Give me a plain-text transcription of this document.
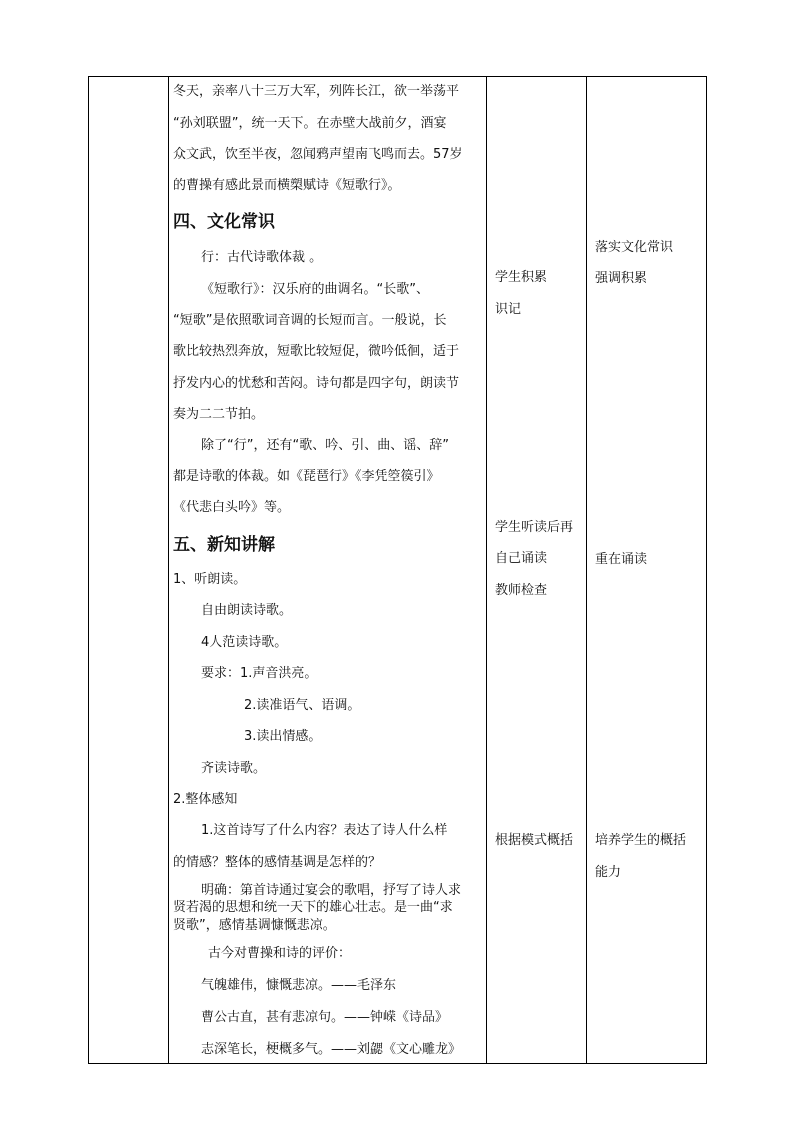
冬天，亲率八十三万大军，列阵长江，欲一举荡平
“孙刘联盟”，统一天下。在赤壁大战前夕，酒宴
众文武，饮至半夜，忽闻鸦声望南飞鸣而去。57岁
的曹操有感此景而横槊赋诗《短歌行》。
四、文化常识
行：古代诗歌体裁 。
《短歌行》：汉乐府的曲调名。“长歌”、
“短歌”是依照歌词音调的长短而言。一般说，长
歌比较热烈奔放，短歌比较短促，微吟低徊，适于
抒发内心的忧愁和苦闷。诗句都是四字句，朗读节
奏为二二节拍。
除了“行”，还有“歌、吟、引、曲、谣、辞”
都是诗歌的体裁。如《琵琶行》《李凭箜篌引》
《代悲白头吟》等。
五、新知讲解
1、听朗读。
自由朗读诗歌。
4人范读诗歌。
要求：1.声音洪亮。
2.读准语气、语调。
3.读出情感。
齐读诗歌。
2.整体感知
1.这首诗写了什么内容？表达了诗人什么样
的情感？整体的感情基调是怎样的？
明确：第首诗通过宴会的歌唱，抒写了诗人求
贤若渴的思想和统一天下的雄心壮志。是一曲“求
贤歌”，感情基调慷慨悲凉。
古今对曹操和诗的评价：
气魄雄伟，慷慨悲凉。——毛泽东
曹公古直，甚有悲凉句。——钟嵘《诗品》
志深笔长，梗概多气。——刘勰《文心雕龙》
学生积累
识记
学生听读后再
自己诵读
教师检查
根据模式概括
落实文化常识
强调积累
重在诵读
培养学生的概括
能力
